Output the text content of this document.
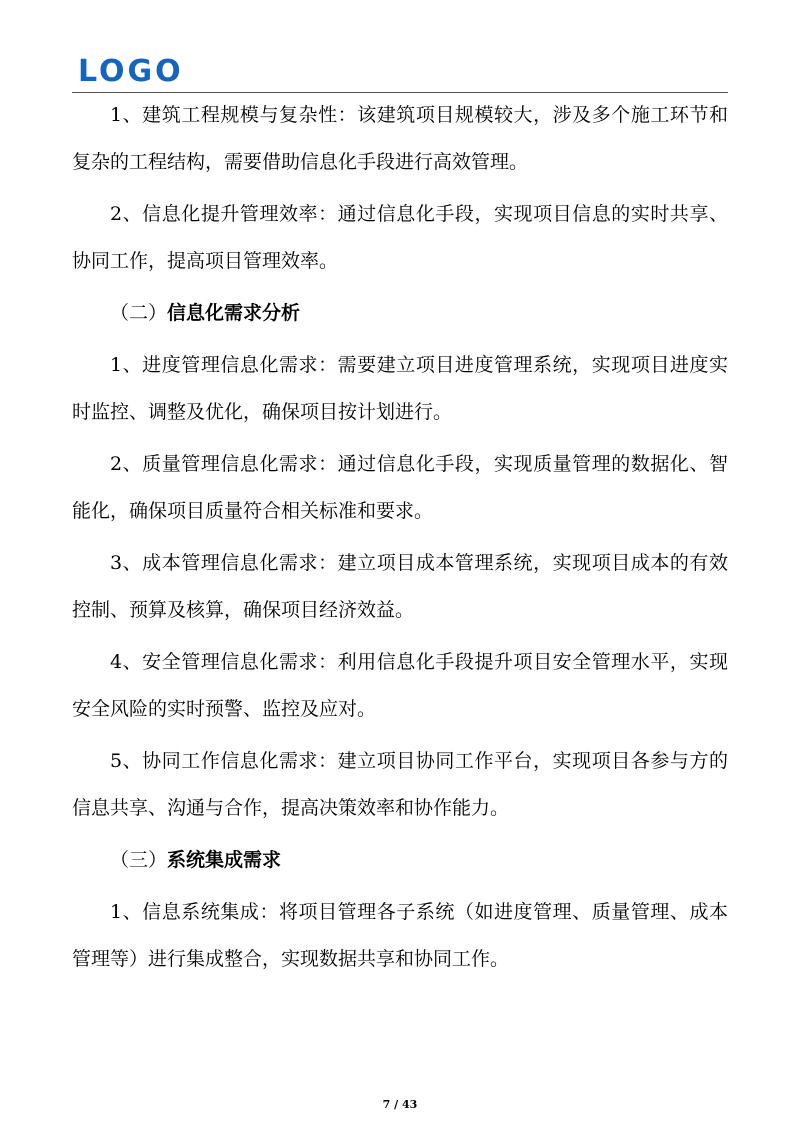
LOGO

1、建筑工程规模与复杂性：该建筑项目规模较大，涉及多个施工环节和复杂的工程结构，需要借助信息化手段进行高效管理。

2、信息化提升管理效率：通过信息化手段，实现项目信息的实时共享、协同工作，提高项目管理效率。

（二）信息化需求分析

1、进度管理信息化需求：需要建立项目进度管理系统，实现项目进度实时监控、调整及优化，确保项目按计划进行。

2、质量管理信息化需求：通过信息化手段，实现质量管理的数据化、智能化，确保项目质量符合相关标准和要求。

3、成本管理信息化需求：建立项目成本管理系统，实现项目成本的有效控制、预算及核算，确保项目经济效益。

4、安全管理信息化需求：利用信息化手段提升项目安全管理水平，实现安全风险的实时预警、监控及应对。

5、协同工作信息化需求：建立项目协同工作平台，实现项目各参与方的信息共享、沟通与合作，提高决策效率和协作能力。

（三）系统集成需求

1、信息系统集成：将项目管理各子系统（如进度管理、质量管理、成本管理等）进行集成整合，实现数据共享和协同工作。

7 / 43
